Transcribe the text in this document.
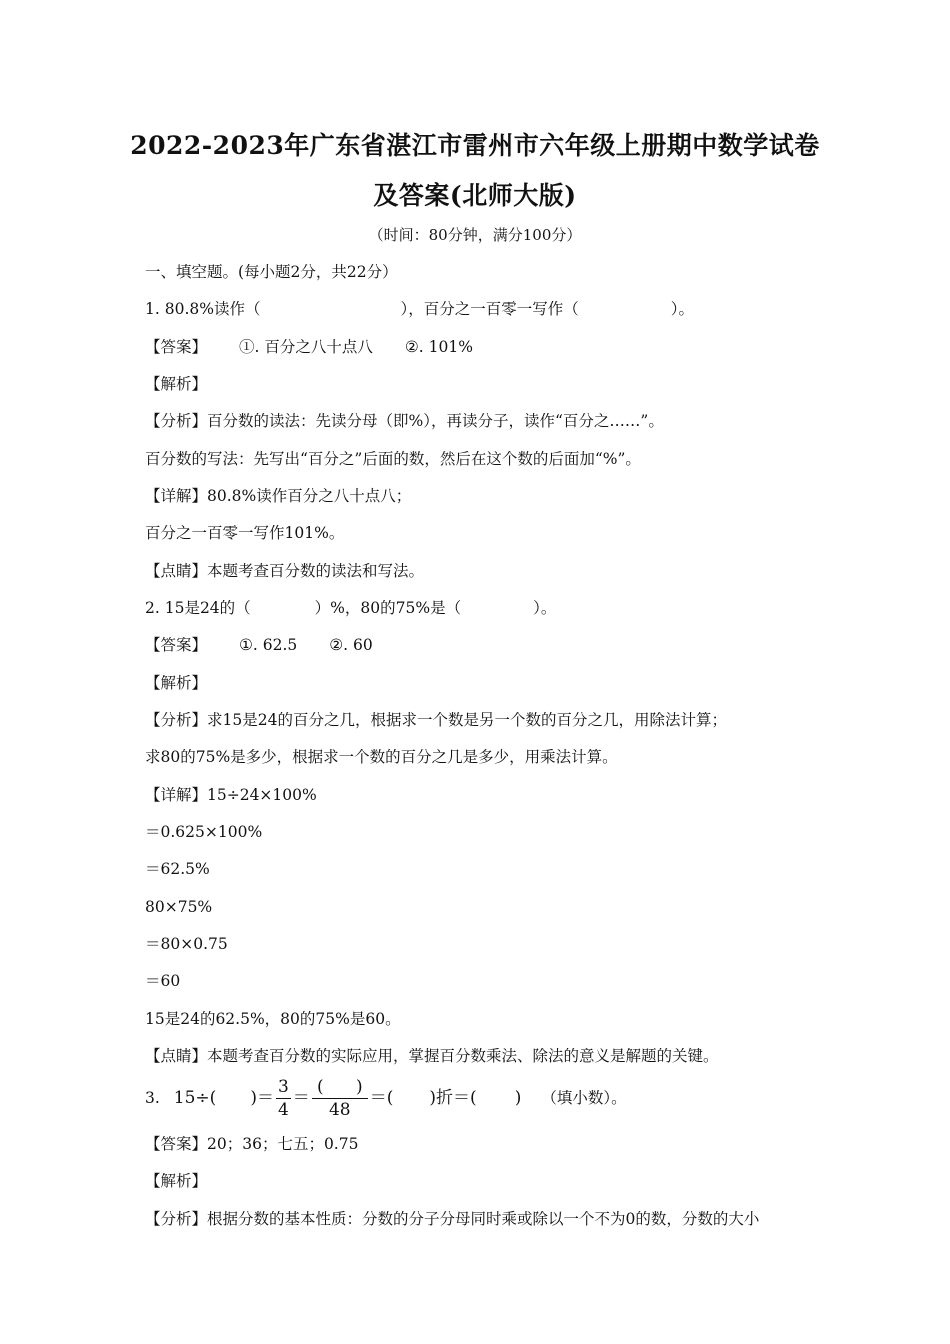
2022-2023年广东省湛江市雷州市六年级上册期中数学试卷
及答案(北师大版)
（时间：80分钟，满分100分）
一、填空题。(每小题2分，共22分）
1. 80.8%读作（	），百分之一百零一写作（	）。
【答案】 ①. 百分之八十点八 ②. 101%
【解析】
【分析】百分数的读法：先读分母（即%），再读分子，读作“百分之……”。
百分数的写法：先写出“百分之”后面的数，然后在这个数的后面加“%”。
【详解】80.8%读作百分之八十点八；
百分之一百零一写作101%。
【点睛】本题考查百分数的读法和写法。
2. 15是24的（	）%，80的75%是（	）。
【答案】 ①. 62.5 ②. 60
【解析】
【分析】求15是24的百分之几，根据求一个数是另一个数的百分之几，用除法计算；
求80的75%是多少，根据求一个数的百分之几是多少，用乘法计算。
【详解】15÷24×100%
＝0.625×100%
＝62.5%
80×75%
＝80×0.75
＝60
15是24的62.5%，80的75%是60。
【点睛】本题考查百分数的实际应用，掌握百分数乘法、除法的意义是解题的关键。
3. 15÷( )＝ $\frac{3}{4} = \frac{( )}{48}$ ＝( )折＝( ) （填小数）。
【答案】20；36；七五；0.75
【解析】
【分析】根据分数的基本性质：分数的分子分母同时乘或除以一个不为0的数，分数的大小
